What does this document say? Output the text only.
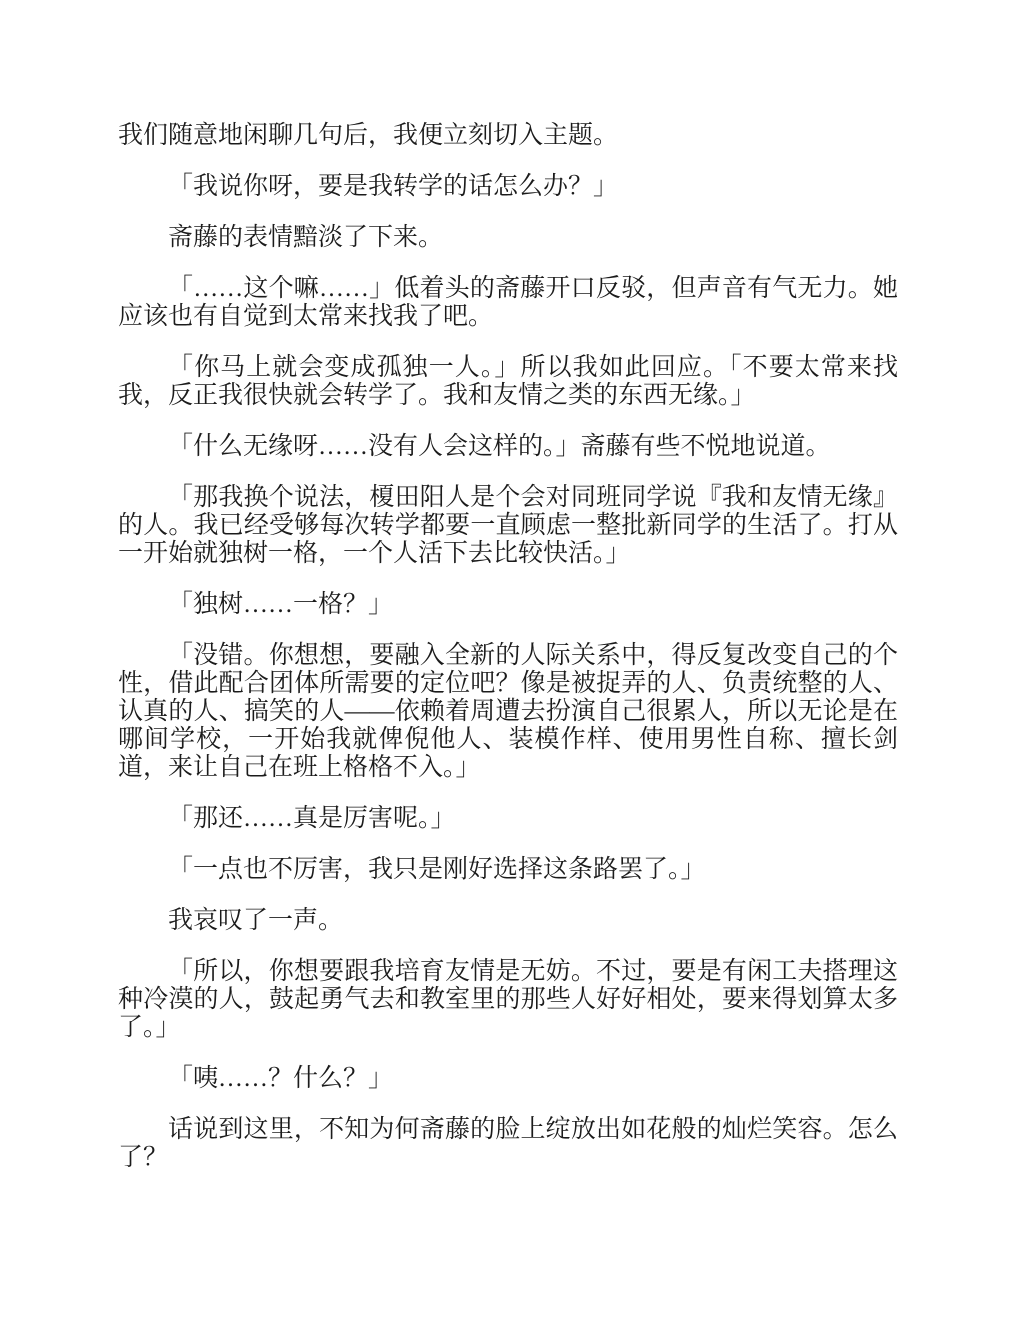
我们随意地闲聊几句后，我便立刻切入主题。

「我说你呀，要是我转学的话怎么办？」

斋藤的表情黯淡了下来。

「……这个嘛……」低着头的斋藤开口反驳，但声音有气无力。她应该也有自觉到太常来找我了吧。

「你马上就会变成孤独一人。」所以我如此回应。「不要太常来找我，反正我很快就会转学了。我和友情之类的东西无缘。」

「什么无缘呀……没有人会这样的。」斋藤有些不悦地说道。

「那我换个说法，榎田阳人是个会对同班同学说『我和友情无缘』的人。我已经受够每次转学都要一直顾虑一整批新同学的生活了。打从一开始就独树一格，一个人活下去比较快活。」

「独树……一格？」

「没错。你想想，要融入全新的人际关系中，得反复改变自己的个性，借此配合团体所需要的定位吧？像是被捉弄的人、负责统整的人、认真的人、搞笑的人——依赖着周遭去扮演自己很累人，所以无论是在哪间学校，一开始我就俾倪他人、装模作样、使用男性自称、擅长剑道，来让自己在班上格格不入。」

「那还……真是厉害呢。」

「一点也不厉害，我只是刚好选择这条路罢了。」

我哀叹了一声。

「所以，你想要跟我培育友情是无妨。不过，要是有闲工夫搭理这种冷漠的人，鼓起勇气去和教室里的那些人好好相处，要来得划算太多了。」

「咦……？什么？」

话说到这里，不知为何斋藤的脸上绽放出如花般的灿烂笑容。怎么了？
